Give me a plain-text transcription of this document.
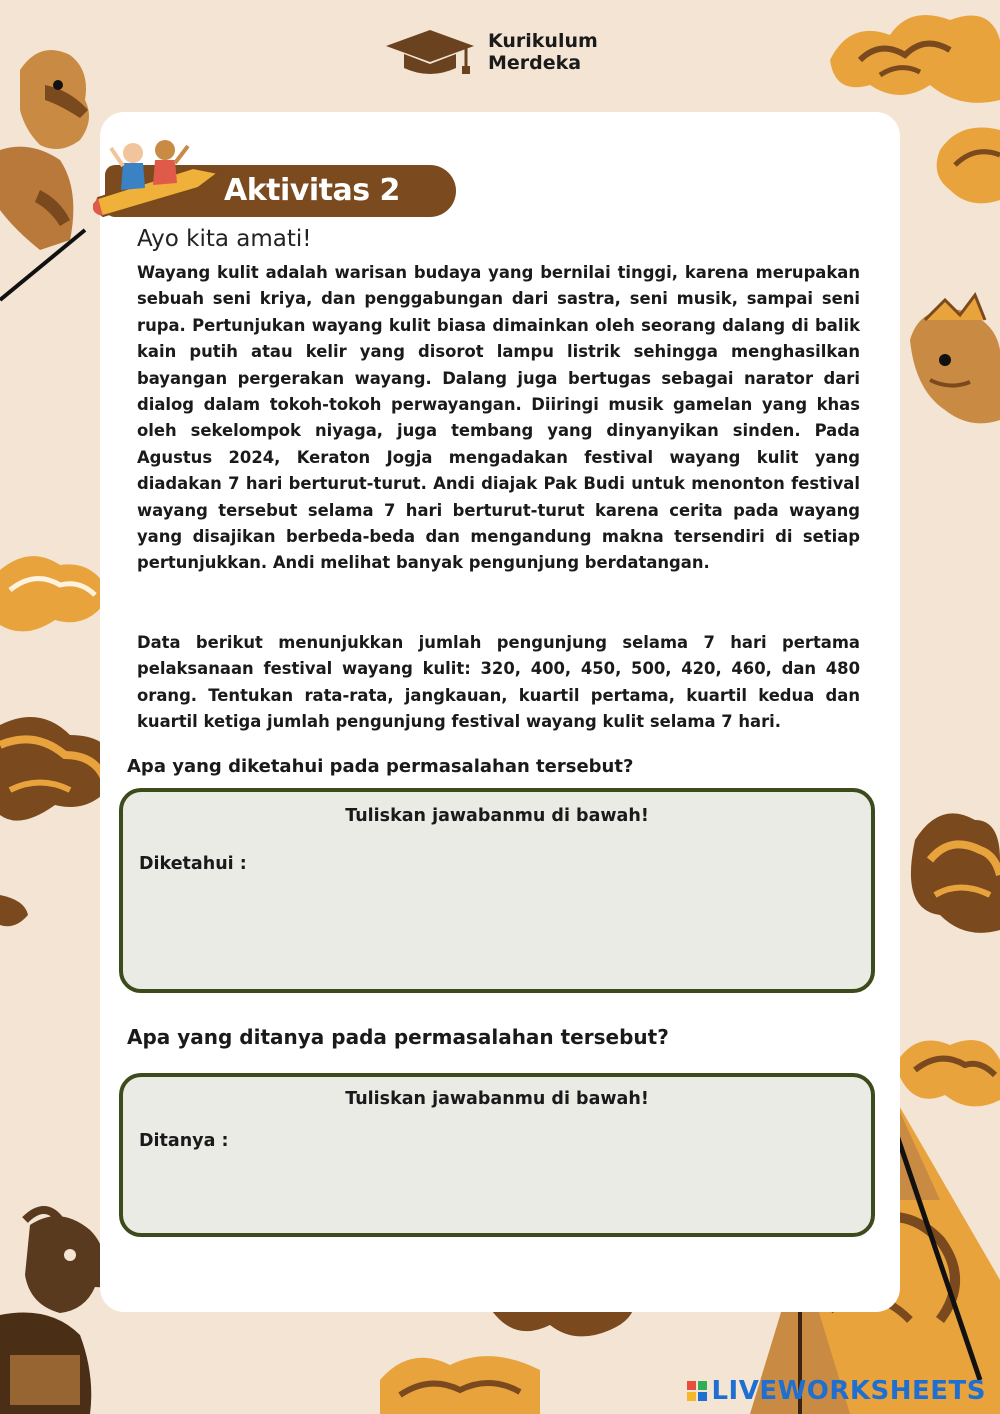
Kurikulum
Merdeka
Aktivitas 2
Ayo kita amati!
Wayang kulit adalah warisan budaya yang bernilai tinggi, karena merupakan sebuah seni kriya, dan penggabungan dari sastra, seni musik, sampai seni rupa. Pertunjukan wayang kulit biasa dimainkan oleh seorang dalang di balik kain putih atau kelir yang disorot lampu listrik sehingga menghasilkan bayangan pergerakan wayang. Dalang juga bertugas sebagai narator dari dialog dalam tokoh-tokoh perwayangan. Diiringi musik gamelan yang khas oleh sekelompok niyaga, juga tembang yang dinyanyikan sinden. Pada Agustus 2024, Keraton Jogja mengadakan festival wayang kulit yang diadakan 7 hari berturut-turut. Andi diajak Pak Budi untuk menonton festival wayang tersebut selama 7 hari berturut-turut karena cerita pada wayang yang disajikan berbeda-beda dan mengandung makna tersendiri di setiap pertunjukkan. Andi melihat banyak pengunjung berdatangan.
Data berikut menunjukkan jumlah pengunjung selama 7 hari pertama pelaksanaan festival wayang kulit: 320, 400, 450, 500, 420, 460, dan 480 orang. Tentukan rata-rata, jangkauan, kuartil pertama, kuartil kedua dan kuartil ketiga jumlah pengunjung festival wayang kulit selama 7 hari.
Apa yang diketahui pada permasalahan tersebut?
Tuliskan jawabanmu di bawah!
Diketahui :
Apa yang ditanya pada permasalahan tersebut?
Tuliskan jawabanmu di bawah!
Ditanya :
LIVEWORKSHEETS
